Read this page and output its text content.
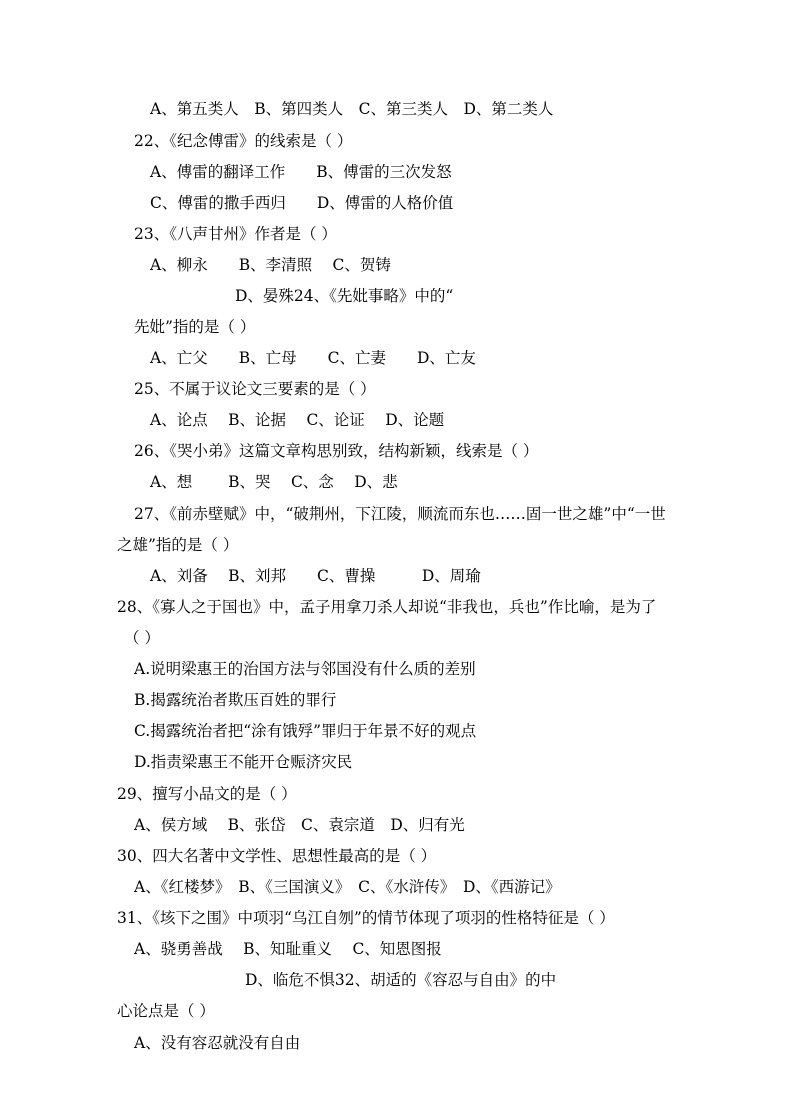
A、第五类人　B、第四类人　C、第三类人　D、第二类人
22、《纪念傅雷》的线索是（ ）
A、傅雷的翻译工作　　B、傅雷的三次发怒
C、傅雷的撒手西归　　D、傅雷的人格价值
23、《八声甘州》作者是（ ）
A、柳永　　B、李清照　 C、贺铸
D、晏殊24、《先妣事略》中的“
先妣”指的是（ ）
A、亡父　　B、亡母　　C、亡妻　　D、亡友
25、不属于议论文三要素的是（ ）
A、论点　 B、论据　 C、论证　 D、论题
26、《哭小弟》这篇文章构思别致，结构新颖，线索是（ ）
A、想　　 B、哭　 C、念　 D、悲
27、《前赤壁赋》中，“破荆州，下江陵，顺流而东也……固一世之雄”中“一世
之雄”指的是（ ）
A、刘备　 B、刘邦　　C、曹操　　　D、周瑜
28、《寡人之于国也》中，孟子用拿刀杀人却说“非我也，兵也”作比喻，是为了
（ ）
A.说明梁惠王的治国方法与邻国没有什么质的差别
B.揭露统治者欺压百姓的罪行
C.揭露统治者把“涂有饿殍”罪归于年景不好的观点
D.指责梁惠王不能开仓赈济灾民
29、擅写小品文的是（ ）
A、侯方域　 B、张岱　C、袁宗道　D、归有光
30、四大名著中文学性、思想性最高的是（ ）
A、《红楼梦》　B、《三国演义》　C、《水浒传》　D、《西游记》
31、《垓下之围》中项羽“乌江自刎”的情节体现了项羽的性格特征是（ ）
A、骁勇善战　 B、知耻重义　 C、知恩图报
D、临危不惧32、胡适的《容忍与自由》的中
心论点是（ ）
A、没有容忍就没有自由
